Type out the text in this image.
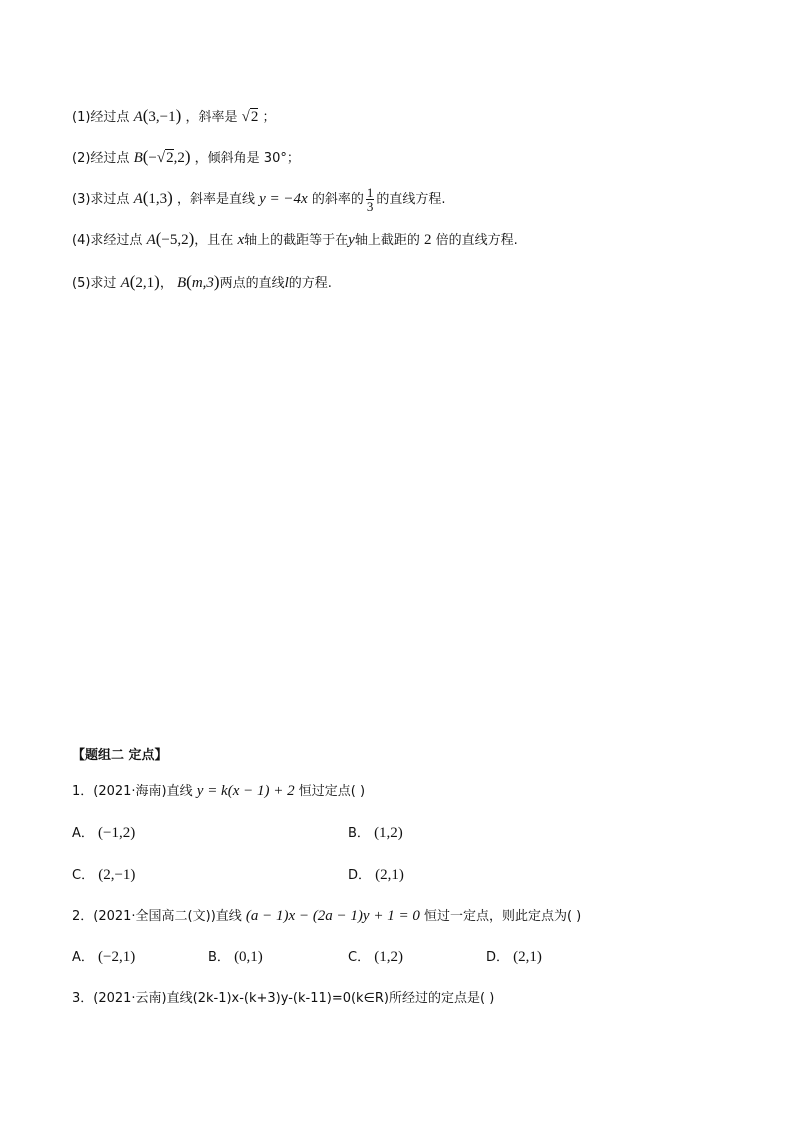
(1)经过点 A(3,−1) ，斜率是 √2 ；
(2)经过点 B(−√2,2) ，倾斜角是 30°；
(3)求过点 A(1,3) ，斜率是直线 y = −4x 的斜率的 $\frac{1}{3}$ 的直线方程.
(4)求经过点 A(−5,2)，且在 x轴上的截距等于在y轴上截距的 2 倍的直线方程.
(5)求过 A(2,1)， B(m,3)两点的直线l的方程.
【题组二 定点】
1．(2021·海南)直线 y = k(x − 1) + 2 恒过定点( )
A． (−1,2)	B． (1,2)
C． (2,−1)	D． (2,1)
2．(2021·全国高二(文))直线 (a − 1)x − (2a − 1)y + 1 = 0 恒过一定点，则此定点为( )
A． (−2,1)	B． (0,1)	C． (1,2)	D． (2,1)
3．(2021·云南)直线(2k-1)x-(k+3)y-(k-11)=0(k∈R)所经过的定点是( )
